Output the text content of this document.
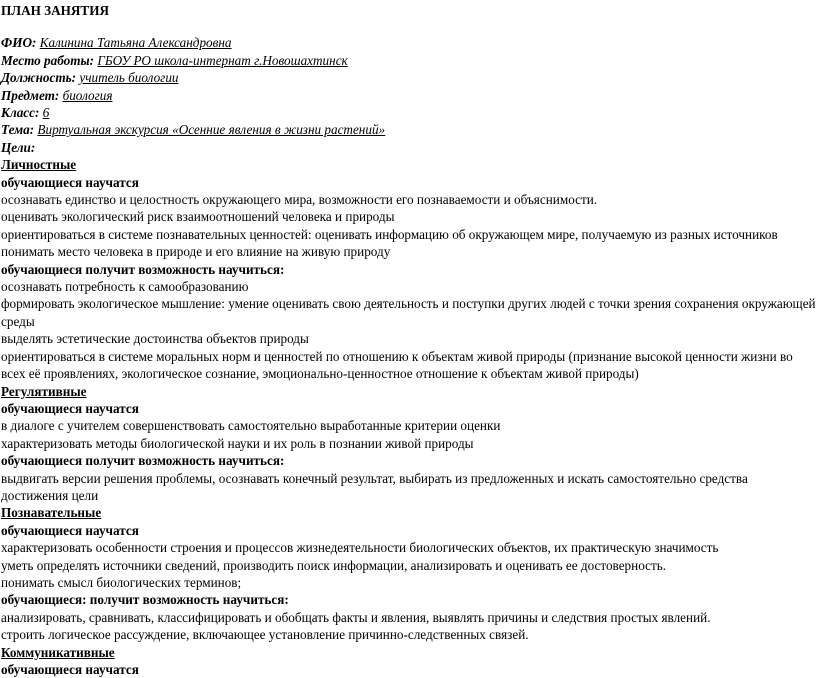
ПЛАН ЗАНЯТИЯ
ФИО: Калинина Татьяна Александровна
Место работы: ГБОУ РО школа-интернат г.Новошахтинск
Должность: учитель биологии
Предмет: биология
Класс: 6
Тема: Виртуальная экскурсия «Осенние явления в жизни растений»
Цели:
Личностные
обучающиеся научатся
осознавать единство и целостность окружающего мира, возможности его познаваемости и объяснимости.
оценивать экологический риск взаимоотношений человека и природы
ориентироваться в системе познавательных ценностей: оценивать информацию об окружающем мире, получаемую из разных источников
понимать место человека в природе и его влияние на живую природу
обучающиеся получит возможность научиться:
осознавать потребность к самообразованию
формировать экологическое мышление: умение оценивать свою деятельность и поступки других людей с точки зрения сохранения окружающей среды
выделять эстетические достоинства объектов природы
ориентироваться в системе моральных норм и ценностей по отношению к объектам живой природы (признание высокой ценности жизни во всех её проявлениях, экологическое сознание, эмоционально-ценностное отношение к объектам живой природы)
Регулятивные
обучающиеся научатся
в диалоге с учителем совершенствовать самостоятельно выработанные критерии оценки
характеризовать методы биологической науки и их роль в познании живой природы
обучающиеся получит возможность научиться:
выдвигать версии решения проблемы, осознавать конечный результат, выбирать из предложенных и искать самостоятельно средства достижения цели
Познавательные
обучающиеся научатся
характеризовать особенности строения и процессов жизнедеятельности биологических объектов, их практическую значимость
уметь определять источники сведений, производить поиск информации, анализировать и оценивать ее достоверность.
понимать смысл биологических терминов;
обучающиеся: получит возможность научиться:
анализировать, сравнивать, классифицировать и обобщать факты и явления, выявлять причины и следствия простых явлений.
строить логическое рассуждение, включающее установление причинно-следственных связей.
Коммуникативные
обучающиеся научатся
